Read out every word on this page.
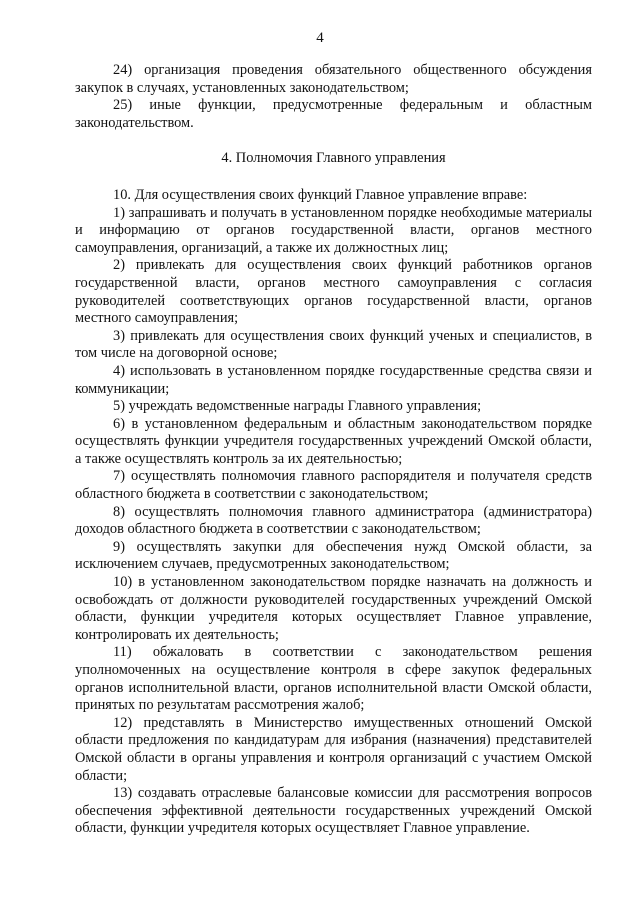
4

24) организация проведения обязательного общественного обсуждения закупок в случаях, установленных законодательством;

25) иные функции, предусмотренные федеральным и областным законодательством.

4. Полномочия Главного управления

10. Для осуществления своих функций Главное управление вправе:

1) запрашивать и получать в установленном порядке необходимые материалы и информацию от органов государственной власти, органов местного самоуправления, организаций, а также их должностных лиц;

2) привлекать для осуществления своих функций работников органов государственной власти, органов местного самоуправления с согласия руководителей соответствующих органов государственной власти, органов местного самоуправления;

3) привлекать для осуществления своих функций ученых и специалистов, в том числе на договорной основе;

4) использовать в установленном порядке государственные средства связи и коммуникации;

5) учреждать ведомственные награды Главного управления;

6) в установленном федеральным и областным законодательством порядке осуществлять функции учредителя государственных учреждений Омской области, а также осуществлять контроль за их деятельностью;

7) осуществлять полномочия главного распорядителя и получателя средств областного бюджета в соответствии с законодательством;

8) осуществлять полномочия главного администратора (администратора) доходов областного бюджета в соответствии с законодательством;

9) осуществлять закупки для обеспечения нужд Омской области, за исключением случаев, предусмотренных законодательством;

10) в установленном законодательством порядке назначать на должность и освобождать от должности руководителей государственных учреждений Омской области, функции учредителя которых осуществляет Главное управление, контролировать их деятельность;

11) обжаловать в соответствии с законодательством решения уполномоченных на осуществление контроля в сфере закупок федеральных органов исполнительной власти, органов исполнительной власти Омской области, принятых по результатам рассмотрения жалоб;

12) представлять в Министерство имущественных отношений Омской области предложения по кандидатурам для избрания (назначения) представителей Омской области в органы управления и контроля организаций с участием Омской области;

13) создавать отраслевые балансовые комиссии для рассмотрения вопросов обеспечения эффективной деятельности государственных учреждений Омской области, функции учредителя которых осуществляет Главное управление.
